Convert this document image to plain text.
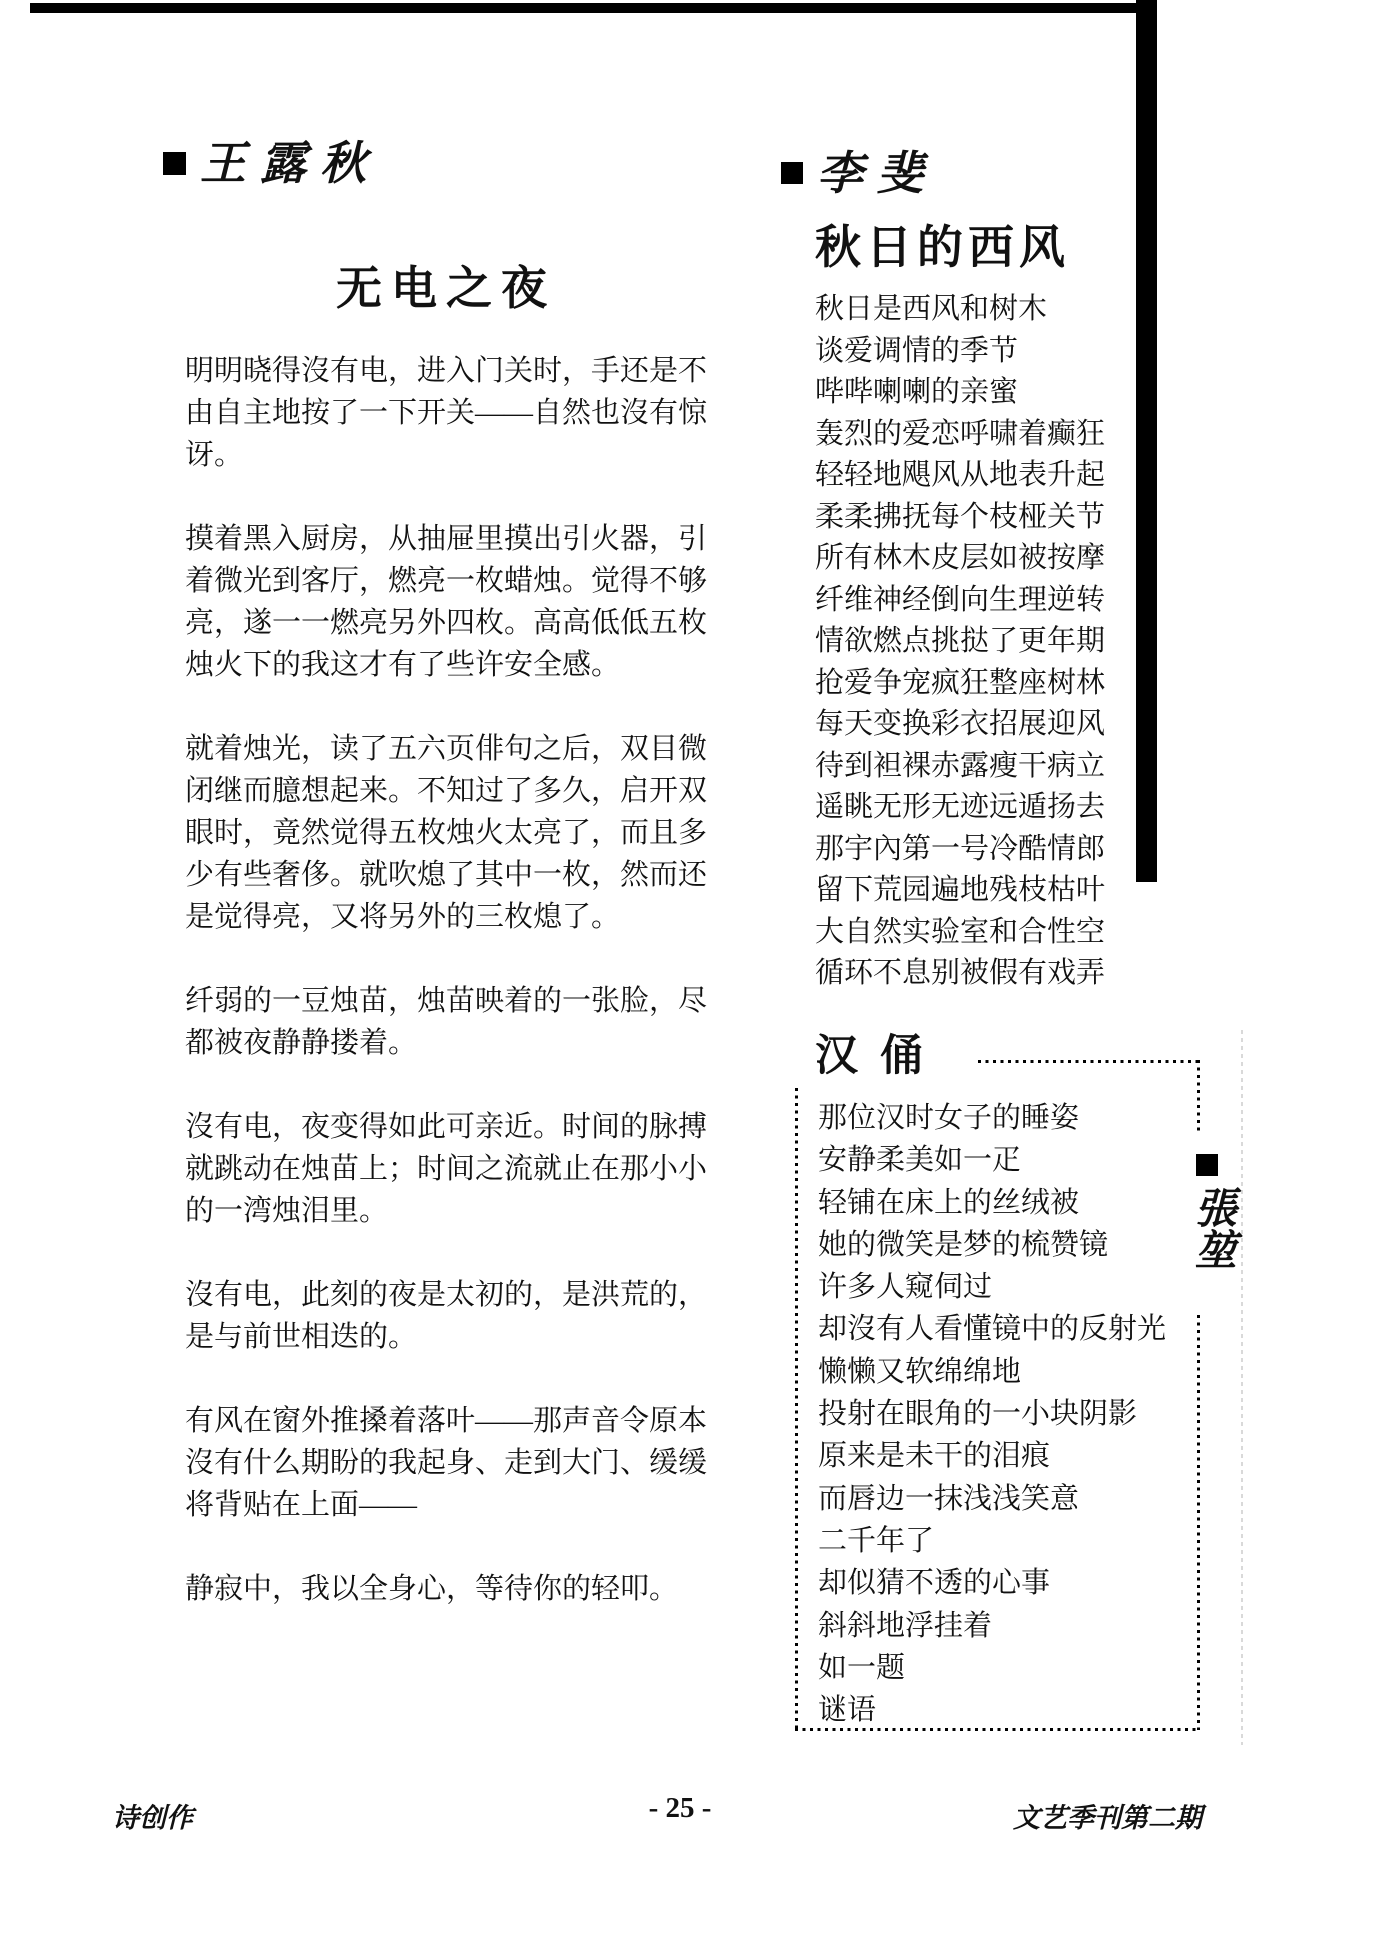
王露秋
无电之夜

明明晓得沒有电，进入门关时，手还是不由自主地按了一下开关——自然也沒有惊讶。

摸着黑入厨房，从抽屉里摸出引火器，引着微光到客厅，燃亮一枚蜡烛。觉得不够亮，遂一一燃亮另外四枚。高高低低五枚烛火下的我这才有了些许安全感。

就着烛光，读了五六页俳句之后，双目微闭继而臆想起来。不知过了多久，启开双眼时，竟然觉得五枚烛火太亮了，而且多少有些奢侈。就吹熄了其中一枚，然而还是觉得亮，又将另外的三枚熄了。

纤弱的一豆烛苗，烛苗映着的一张脸，尽都被夜静静搂着。

沒有电，夜变得如此可亲近。时间的脉搏就跳动在烛苗上；时间之流就止在那小小的一湾烛泪里。

沒有电，此刻的夜是太初的，是洪荒的，是与前世相迭的。

有风在窗外推搡着落叶——那声音令原本沒有什么期盼的我起身、走到大门、缓缓将背贴在上面——

静寂中，我以全身心，等待你的轻叩。

李斐
秋日的西风
秋日是西风和树木
谈爱调情的季节
哔哔喇喇的亲蜜
轰烈的爱恋呼啸着癫狂
轻轻地飓风从地表升起
柔柔拂抚每个枝桠关节
所有林木皮层如被按摩
纤维神经倒向生理逆转
情欲燃点挑挞了更年期
抢爱争宠疯狂整座树林
每天变换彩衣招展迎风
待到袒裸赤露瘦干病立
遥眺无形无迹远遁扬去
那宇內第一号冷酷情郎
留下荒园遍地残枝枯叶
大自然实验室和合性空
循环不息别被假有戏弄
汉俑
那位汉时女子的睡姿
安静柔美如一疋
轻铺在床上的丝绒被
她的微笑是梦的梳赞镜
许多人窥伺过
却沒有人看懂镜中的反射光
懒懒又软绵绵地
投射在眼角的一小块阴影
原来是未干的泪痕
而唇边一抹浅浅笑意
二千年了
却似猜不透的心事
斜斜地浮挂着
如一题
谜语
張堃
诗创作	- 25 -	文艺季刊第二期
